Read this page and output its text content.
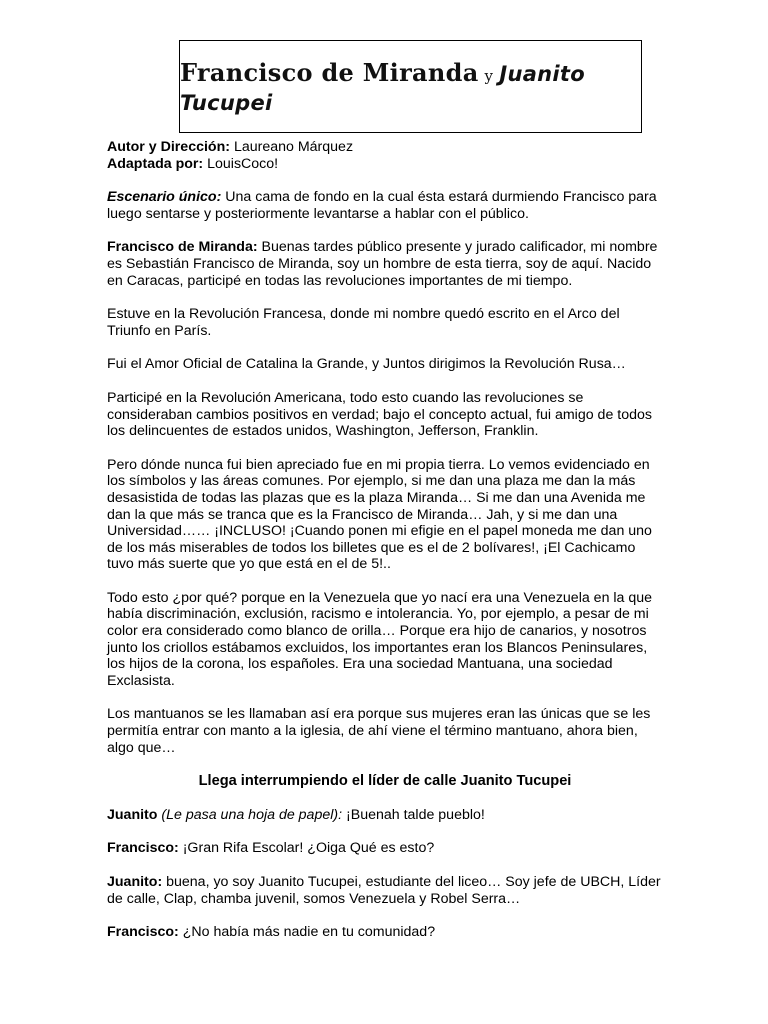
Francisco de Miranda y Juanito Tucupei

Autor y Dirección: Laureano Márquez

Adaptada por: LouisCoco!

Escenario único: Una cama de fondo en la cual ésta estará durmiendo Francisco para luego sentarse y posteriormente levantarse a hablar con el público.

Francisco de Miranda: Buenas tardes público presente y jurado calificador, mi nombre es Sebastián Francisco de Miranda, soy un hombre de esta tierra, soy de aquí. Nacido en Caracas, participé en todas las revoluciones importantes de mi tiempo.

Estuve en la Revolución Francesa, donde mi nombre quedó escrito en el Arco del Triunfo en París.

Fui el Amor Oficial de Catalina la Grande, y Juntos dirigimos la Revolución Rusa…

Participé en la Revolución Americana, todo esto cuando las revoluciones se consideraban cambios positivos en verdad; bajo el concepto actual, fui amigo de todos los delincuentes de estados unidos, Washington, Jefferson, Franklin.

Pero dónde nunca fui bien apreciado fue en mi propia tierra. Lo vemos evidenciado en los símbolos y las áreas comunes. Por ejemplo, si me dan una plaza me dan la más desasistida de todas las plazas que es la plaza Miranda… Si me dan una Avenida me dan la que más se tranca que es la Francisco de Miranda… Jah, y si me dan una Universidad…… ¡INCLUSO! ¡Cuando ponen mi efigie en el papel moneda me dan uno de los más miserables de todos los billetes que es el de 2 bolívares!, ¡El Cachicamo tuvo más suerte que yo que está en el de 5!..

Todo esto ¿por qué? porque en la Venezuela que yo nací era una Venezuela en la que había discriminación, exclusión, racismo e intolerancia. Yo, por ejemplo, a pesar de mi color era considerado como blanco de orilla… Porque era hijo de canarios, y nosotros junto los criollos estábamos excluidos, los importantes eran los Blancos Peninsulares, los hijos de la corona, los españoles. Era una sociedad Mantuana, una sociedad Exclasista.

Los mantuanos se les llamaban así era porque sus mujeres eran las únicas que se les permitía entrar con manto a la iglesia, de ahí viene el término mantuano, ahora bien, algo que…

Llega interrumpiendo el líder de calle Juanito Tucupei

Juanito (Le pasa una hoja de papel): ¡Buenah talde pueblo!

Francisco: ¡Gran Rifa Escolar! ¿Oiga Qué es esto?

Juanito: buena, yo soy Juanito Tucupei, estudiante del liceo… Soy jefe de UBCH, Líder de calle, Clap, chamba juvenil, somos Venezuela y Robel Serra…

Francisco: ¿No había más nadie en tu comunidad?
